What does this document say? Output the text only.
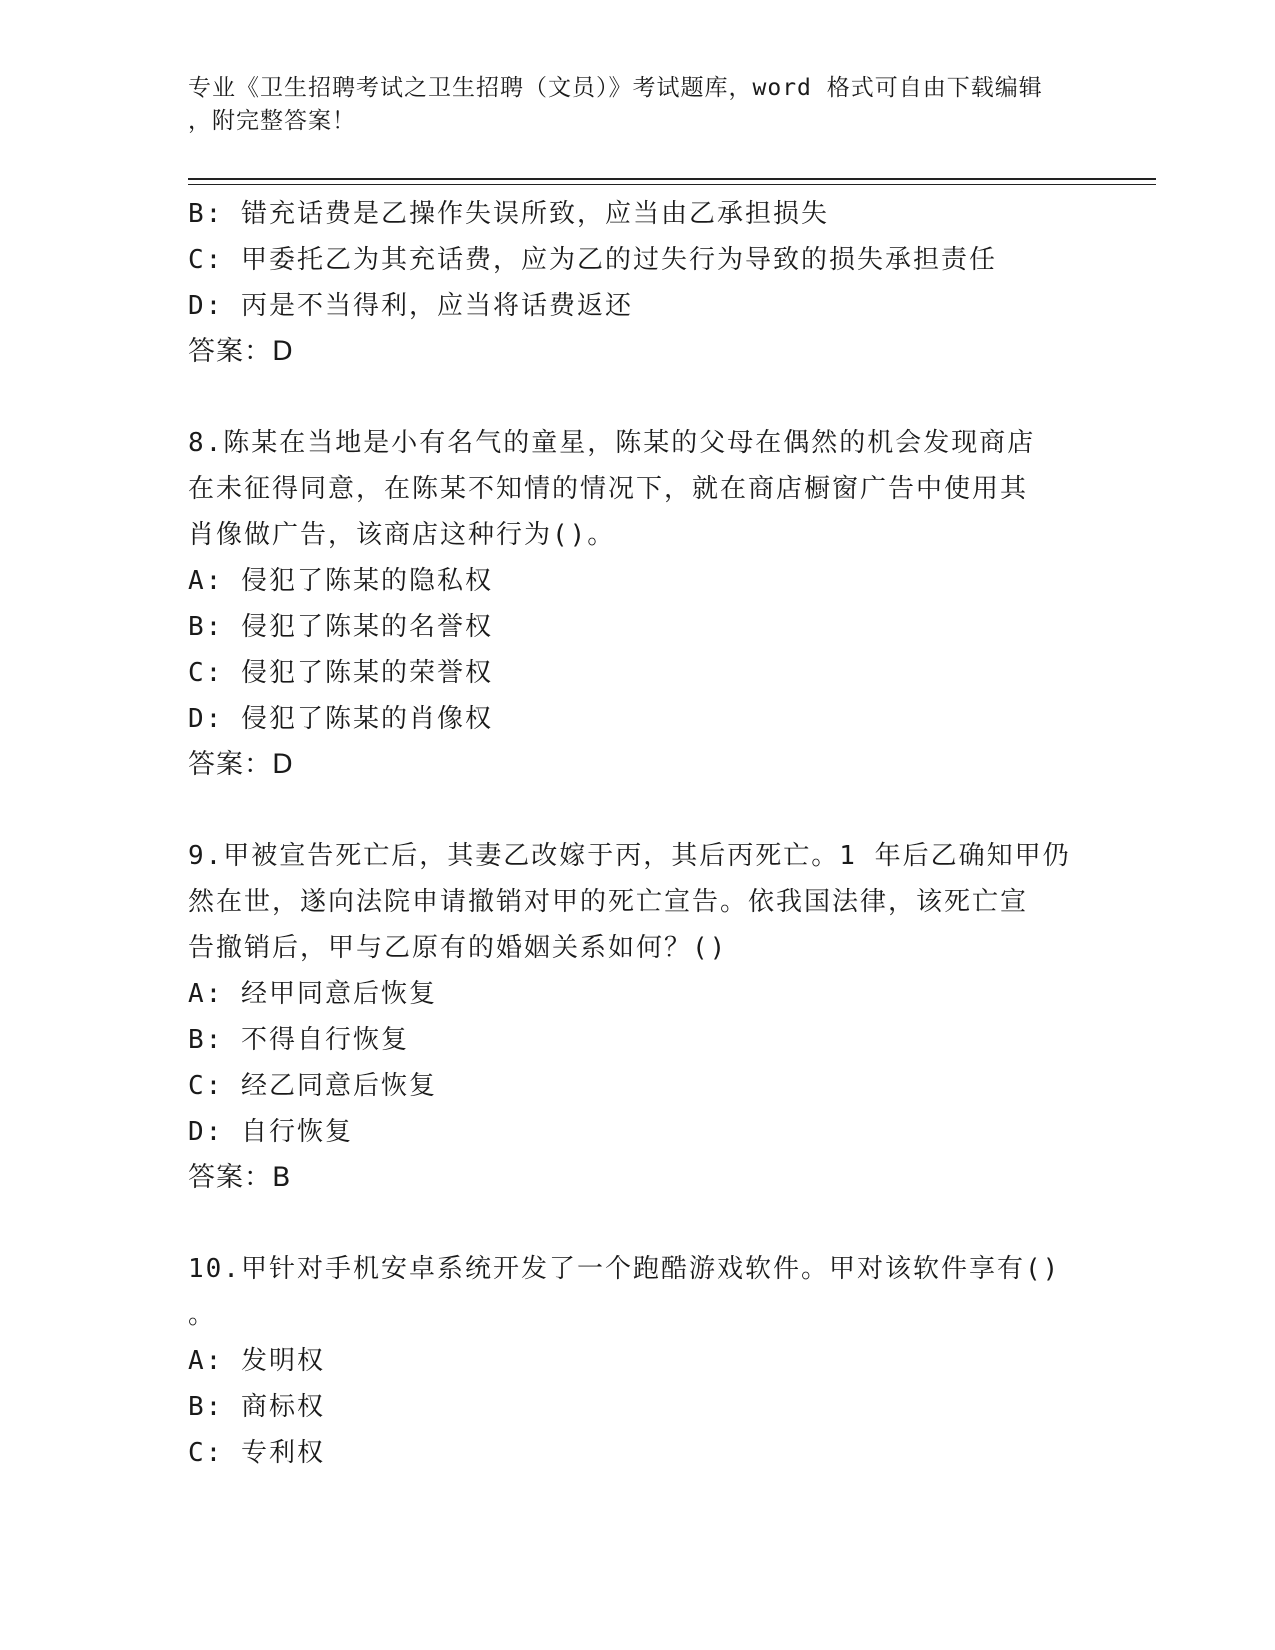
专业《卫生招聘考试之卫生招聘（文员）》考试题库，word 格式可自由下载编辑
，附完整答案！
B: 错充话费是乙操作失误所致，应当由乙承担损失
C: 甲委托乙为其充话费，应为乙的过失行为导致的损失承担责任
D: 丙是不当得利，应当将话费返还
答案：D
8.陈某在当地是小有名气的童星，陈某的父母在偶然的机会发现商店
在未征得同意，在陈某不知情的情况下，就在商店橱窗广告中使用其
肖像做广告，该商店这种行为()。
A: 侵犯了陈某的隐私权
B: 侵犯了陈某的名誉权
C: 侵犯了陈某的荣誉权
D: 侵犯了陈某的肖像权
答案：D
9.甲被宣告死亡后，其妻乙改嫁于丙，其后丙死亡。1 年后乙确知甲仍
然在世，遂向法院申请撤销对甲的死亡宣告。依我国法律，该死亡宣
告撤销后，甲与乙原有的婚姻关系如何？()
A: 经甲同意后恢复
B: 不得自行恢复
C: 经乙同意后恢复
D: 自行恢复
答案：B
10.甲针对手机安卓系统开发了一个跑酷游戏软件。甲对该软件享有()
。
A: 发明权
B: 商标权
C: 专利权
